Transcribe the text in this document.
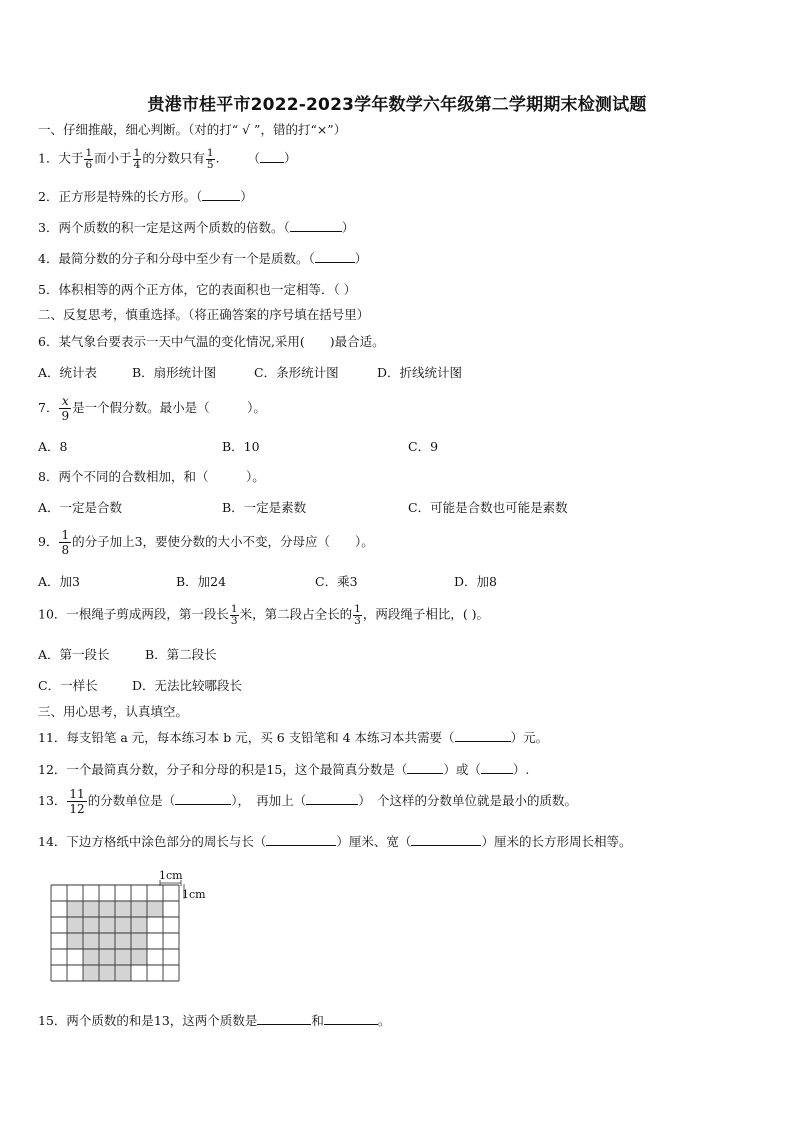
贵港市桂平市2022-2023学年数学六年级第二学期期末检测试题
一、仔细推敲，细心判断。（对的打“ √ ”，错的打“×”）
1．大于 $\frac{1}{6}$ 而小于 $\frac{1}{4}$ 的分数只有 $\frac{1}{5}$ . （ ）
2．正方形是特殊的长方形。（	）
3．两个质数的积一定是这两个质数的倍数。（	）
4．最简分数的分子和分母中至少有一个是质数。（	）
5．体积相等的两个正方体，它的表面积也一定相等．（ ）
二、反复思考，慎重选择。（将正确答案的序号填在括号里）
6．某气象台要表示一天中气温的变化情况,采用(　　)最合适。
A．统计表	B．扇形统计图	C．条形统计图	D．折线统计图
7． $\frac{x}{9}$ 是一个假分数。最小是（　　　）。
A．8	B．10	C．9
8．两个不同的合数相加，和（　　　）。
A．一定是合数	B．一定是素数	C．可能是合数也可能是素数
9． $\frac{1}{8}$ 的分子加上3，要使分数的大小不变，分母应（　　）。
A．加3	B．加24	C．乘3	D．加8
10．一根绳子剪成两段，第一段长 $\frac{1}{3}$ 米，第二段占全长的 $\frac{1}{3}$ ，两段绳子相比，( )。
A．第一段长	B．第二段长
C．一样长	D．无法比较哪段长
三、用心思考，认真填空。
11．每支铅笔 a 元，每本练习本 b 元，买 6 支铅笔和 4 本练习本共需要（	）元。
12．一个最简真分数，分子和分母的积是15，这个最简真分数是（	）或（	）.
13． $\frac{11}{12}$ 的分数单位是（	），　再加上（	）　个这样的分数单位就是最小的质数。
14．下边方格纸中涂色部分的周长与长（	）厘米、宽（	）厘米的长方形周长相等。
1cm
1cm
15．两个质数的和是13，这两个质数是	和	。
